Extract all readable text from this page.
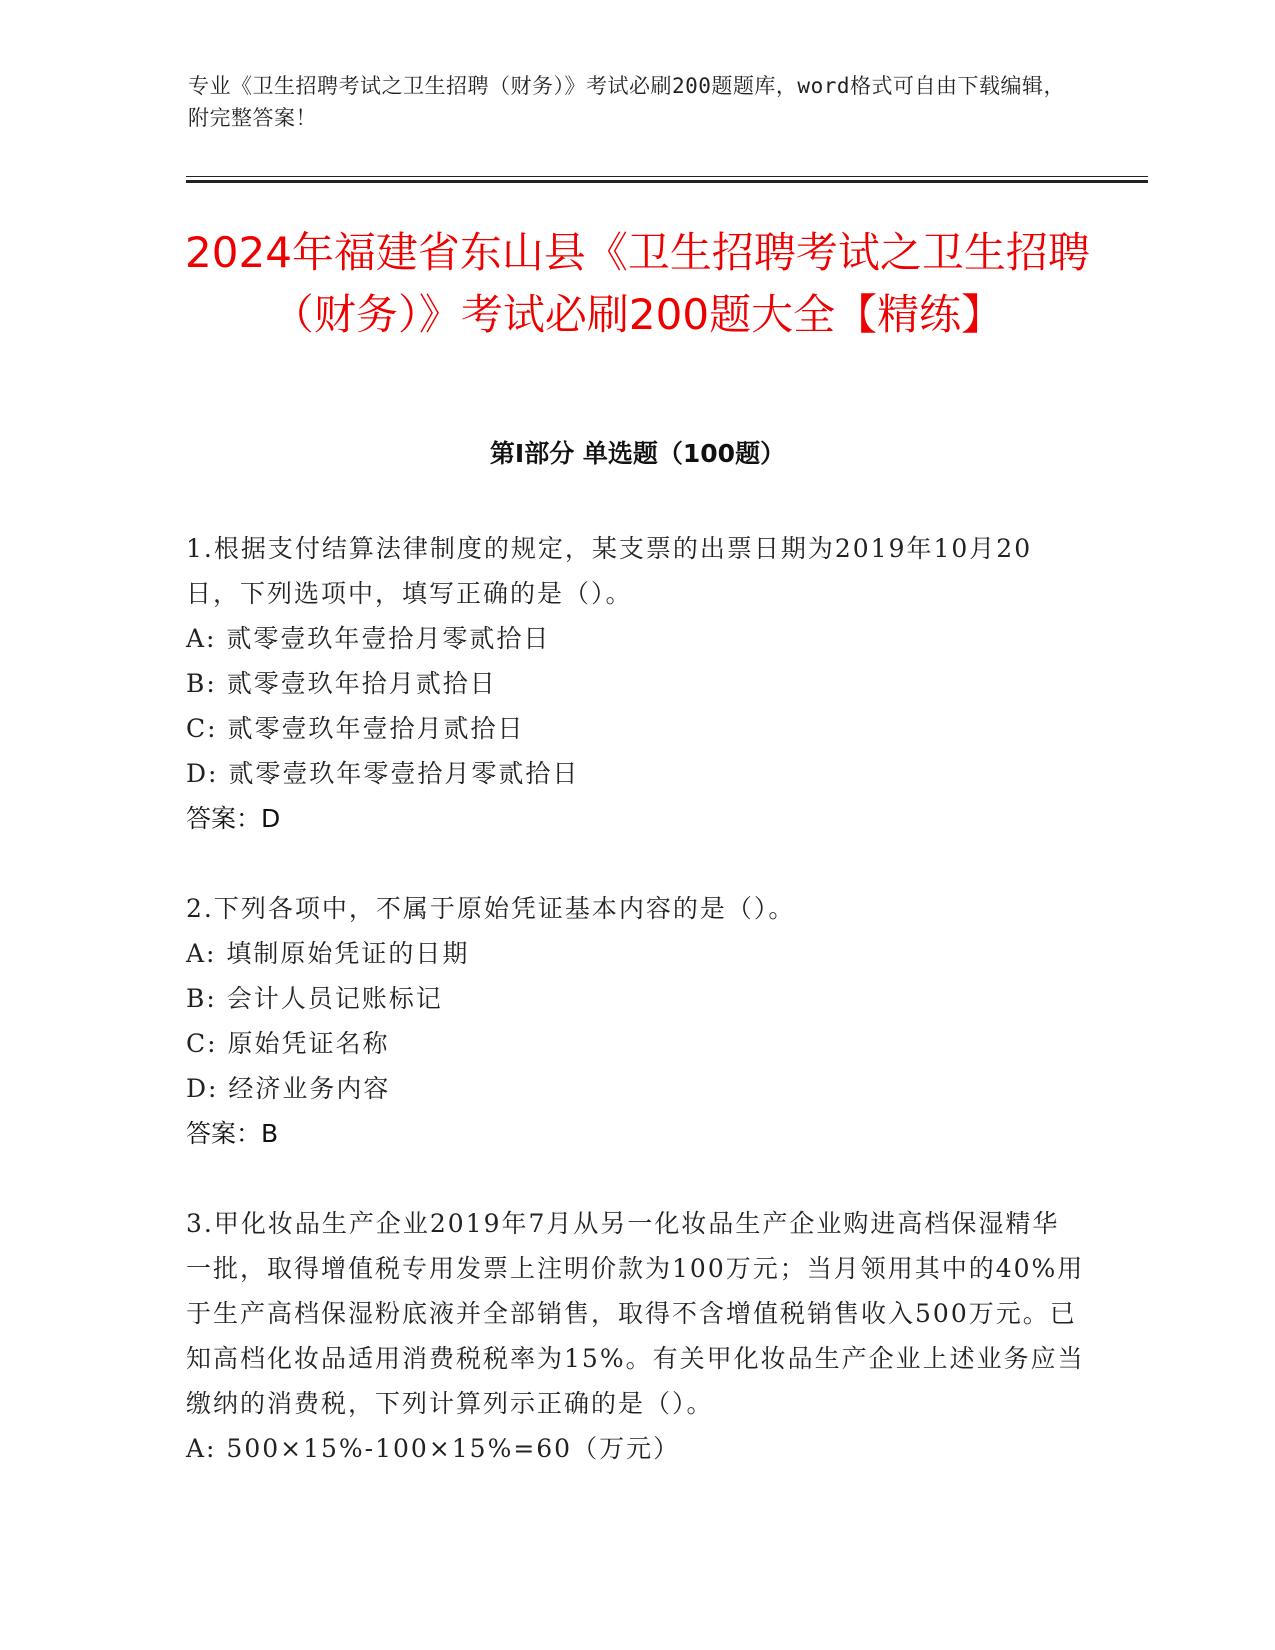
专业《卫生招聘考试之卫生招聘（财务）》考试必刷200题题库，word格式可自由下载编辑，附完整答案！
2024年福建省东山县《卫生招聘考试之卫生招聘（财务）》考试必刷200题大全【精练】
第Ⅰ部分 单选题（100题）
1.根据支付结算法律制度的规定，某支票的出票日期为2019年10月20日，下列选项中，填写正确的是（）。
A: 贰零壹玖年壹拾月零贰拾日
B: 贰零壹玖年拾月贰拾日
C: 贰零壹玖年壹拾月贰拾日
D: 贰零壹玖年零壹拾月零贰拾日
答案：D
2.下列各项中，不属于原始凭证基本内容的是（）。
A: 填制原始凭证的日期
B: 会计人员记账标记
C: 原始凭证名称
D: 经济业务内容
答案：B
3.甲化妆品生产企业2019年7月从另一化妆品生产企业购进高档保湿精华一批，取得增值税专用发票上注明价款为100万元；当月领用其中的40%用于生产高档保湿粉底液并全部销售，取得不含增值税销售收入500万元。已知高档化妆品适用消费税税率为15%。有关甲化妆品生产企业上述业务应当缴纳的消费税，下列计算列示正确的是（）。
A: 500×15%-100×15%=60（万元）
